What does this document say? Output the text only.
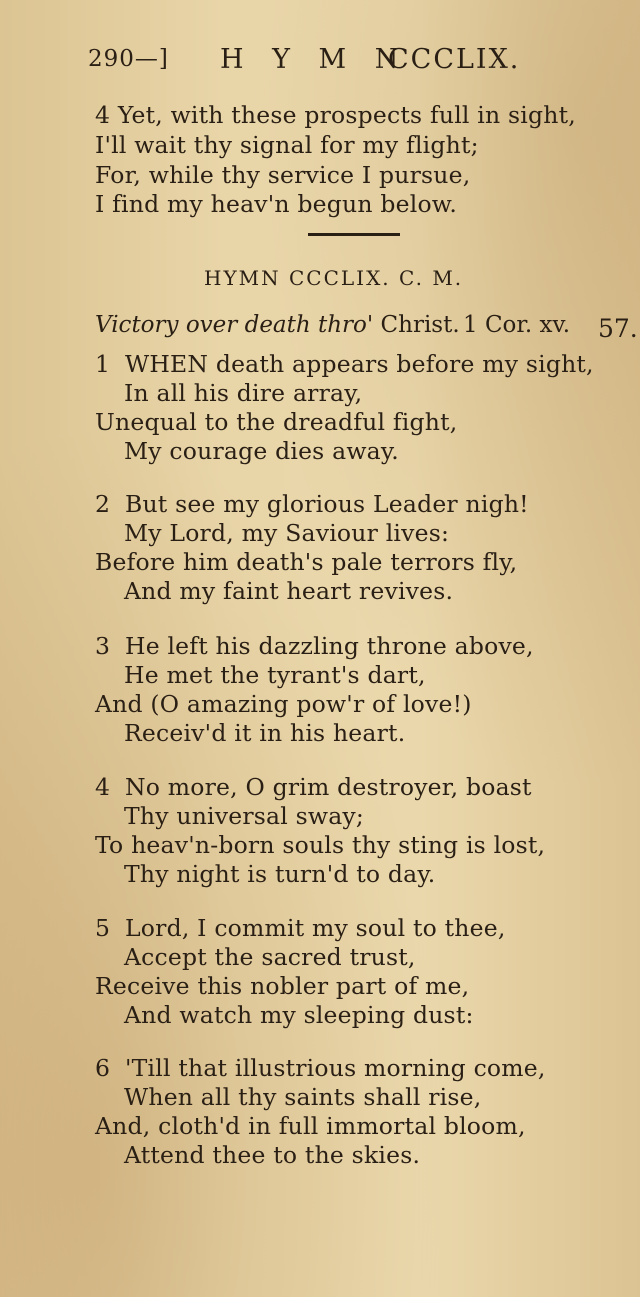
290—] H Y M N
CCCLIX.
4 Yet, with these prospects full in sight,
I'll wait thy signal for my flight;
For, while thy service I pursue,
I find my heav'n begun below.
HYMN CCCLIX. C. M.
Victory over death thro' Christ. 1 Cor. xv. 57.
1 WHEN death appears before my sight,
In all his dire array,
Unequal to the dreadful fight,
My courage dies away.
2 But see my glorious Leader nigh!
My Lord, my Saviour lives:
Before him death's pale terrors fly,
And my faint heart revives.
3 He left his dazzling throne above,
He met the tyrant's dart,
And (O amazing pow'r of love!)
Receiv'd it in his heart.
4 No more, O grim destroyer, boast
Thy universal sway;
To heav'n-born souls thy sting is lost,
Thy night is turn'd to day.
5 Lord, I commit my soul to thee,
Accept the sacred trust,
Receive this nobler part of me,
And watch my sleeping dust:
6 'Till that illustrious morning come,
When all thy saints shall rise,
And, cloth'd in full immortal bloom,
Attend thee to the skies.
